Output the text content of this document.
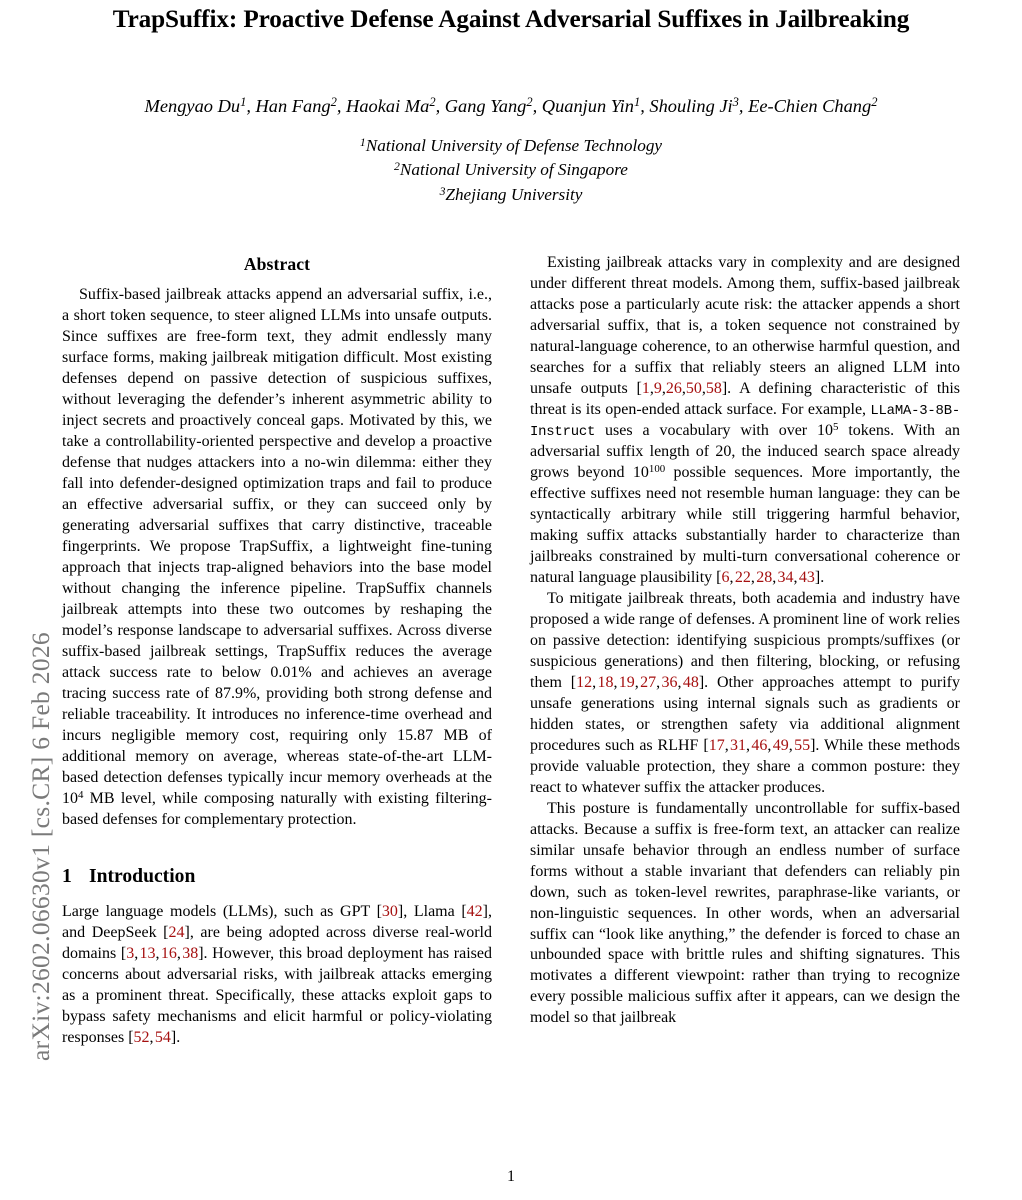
arXiv:2602.06630v1 [cs.CR] 6 Feb 2026
TrapSuffix: Proactive Defense Against Adversarial Suffixes in Jailbreaking
Mengyao Du$^1$, Han Fang$^2$, Haokai Ma$^2$, Gang Yang$^2$, Quanjun Yin$^1$, Shouling Ji$^3$, Ee-Chien Chang$^2$
$^1$National University of Defense Technology
$^2$National University of Singapore
$^3$Zhejiang University
Abstract

Suffix-based jailbreak attacks append an adversarial suffix, i.e., a short token sequence, to steer aligned LLMs into unsafe outputs. Since suffixes are free-form text, they admit endlessly many surface forms, making jailbreak mitigation difficult. Most existing defenses depend on passive detection of suspicious suffixes, without leveraging the defender’s inherent asymmetric ability to inject secrets and proactively conceal gaps. Motivated by this, we take a controllability-oriented perspective and develop a proactive defense that nudges attackers into a no-win dilemma: either they fall into defender-designed optimization traps and fail to produce an effective adversarial suffix, or they can succeed only by generating adversarial suffixes that carry distinctive, traceable fingerprints. We propose TrapSuffix, a lightweight fine-tuning approach that injects trap-aligned behaviors into the base model without changing the inference pipeline. TrapSuffix channels jailbreak attempts into these two outcomes by reshaping the model’s response landscape to adversarial suffixes. Across diverse suffix-based jailbreak settings, TrapSuffix reduces the average attack success rate to below 0.01% and achieves an average tracing success rate of 87.9%, providing both strong defense and reliable traceability. It introduces no inference-time overhead and incurs negligible memory cost, requiring only 15.87 MB of additional memory on average, whereas state-of-the-art LLM-based detection defenses typically incur memory overheads at the $10^4$ MB level, while composing naturally with existing filtering-based defenses for complementary protection.

1 Introduction

Large language models (LLMs), such as GPT [30], Llama [42], and DeepSeek [24], are being adopted across diverse real-world domains [3, 13, 16, 38]. However, this broad deployment has raised concerns about adversarial risks, with jailbreak attacks emerging as a prominent threat. Specifically, these attacks exploit gaps to bypass safety mechanisms and elicit harmful or policy-violating responses [52, 54].

Existing jailbreak attacks vary in complexity and are designed under different threat models. Among them, suffix-based jailbreak attacks pose a particularly acute risk: the attacker appends a short adversarial suffix, that is, a token sequence not constrained by natural-language coherence, to an otherwise harmful question, and searches for a suffix that reliably steers an aligned LLM into unsafe outputs [1,9,26,50,58]. A defining characteristic of this threat is its open-ended attack surface. For example, LLaMA-3-8B-Instruct uses a vocabulary with over $10^5$ tokens. With an adversarial suffix length of 20, the induced search space already grows beyond $10^{100}$ possible sequences. More importantly, the effective suffixes need not resemble human language: they can be syntactically arbitrary while still triggering harmful behavior, making suffix attacks substantially harder to characterize than jailbreaks constrained by multi-turn conversational coherence or natural language plausibility [6, 22, 28, 34, 43].

To mitigate jailbreak threats, both academia and industry have proposed a wide range of defenses. A prominent line of work relies on passive detection: identifying suspicious prompts/suffixes (or suspicious generations) and then filtering, blocking, or refusing them [12, 18, 19, 27, 36, 48]. Other approaches attempt to purify unsafe generations using internal signals such as gradients or hidden states, or strengthen safety via additional alignment procedures such as RLHF [17, 31, 46, 49, 55]. While these methods provide valuable protection, they share a common posture: they react to whatever suffix the attacker produces.

This posture is fundamentally uncontrollable for suffix-based attacks. Because a suffix is free-form text, an attacker can realize similar unsafe behavior through an endless number of surface forms without a stable invariant that defenders can reliably pin down, such as token-level rewrites, paraphrase-like variants, or non-linguistic sequences. In other words, when an adversarial suffix can “look like anything,” the defender is forced to chase an unbounded space with brittle rules and shifting signatures. This motivates a different viewpoint: rather than trying to recognize every possible malicious suffix after it appears, can we design the model so that jailbreak

1
